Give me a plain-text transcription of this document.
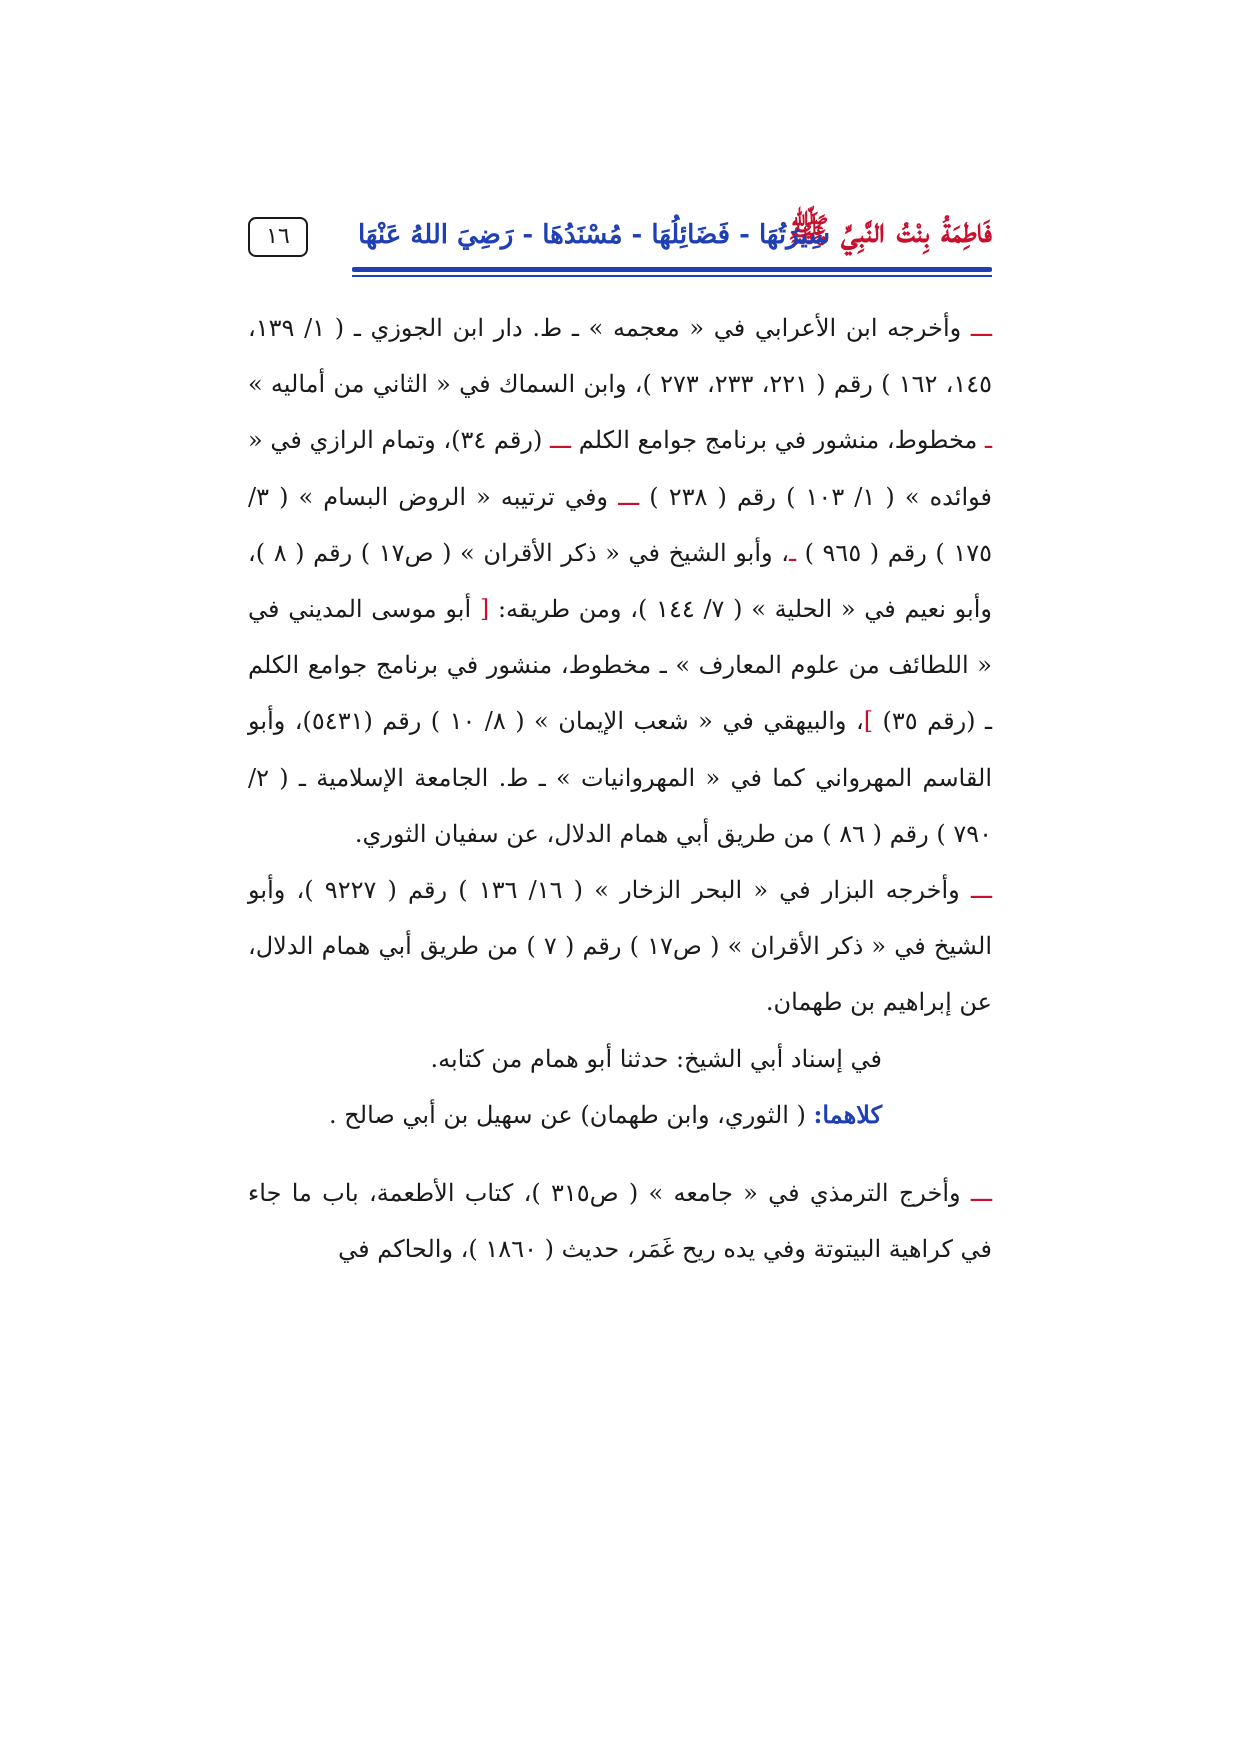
فَاطِمَةُ بِنْتُ النَّبِيِّ ﷺ
سِيرَتُهَا - فَضَائِلُهَا - مُسْنَدُهَا - رَضِيَ اللهُ عَنْهَا
١٦

ـــ وأخرجه ابن الأعرابي في « معجمه » ـ ط. دار ابن الجوزي ـ ( ١/ ١٣٩، ١٤٥، ١٦٢ ) رقم ( ٢٢١، ٢٣٣، ٢٧٣ )، وابن السماك في « الثاني من أماليه » ـ مخطوط، منشور في برنامج جوامع الكلم ـــ (رقم ٣٤)، وتمام الرازي في « فوائده » ( ١/ ١٠٣ ) رقم ( ٢٣٨ ) ـــ وفي ترتيبه « الروض البسام » ( ٣/ ١٧٥ ) رقم ( ٩٦٥ ) ـ، وأبو الشيخ في « ذكر الأقران » ( ص١٧ ) رقم ( ٨ )، وأبو نعيم في « الحلية » ( ٧/ ١٤٤ )، ومن طريقه: [ أبو موسى المديني في « اللطائف من علوم المعارف » ـ مخطوط، منشور في برنامج جوامع الكلم ـ (رقم ٣٥) ]، والبيهقي في « شعب الإيمان » ( ٨/ ١٠ ) رقم (٥٤٣١)، وأبو القاسم المهرواني كما في « المهروانيات » ـ ط. الجامعة الإسلامية ـ ( ٢/ ٧٩٠ ) رقم ( ٨٦ ) من طريق أبي همام الدلال، عن سفيان الثوري.

ـــ وأخرجه البزار في « البحر الزخار » ( ١٦/ ١٣٦ ) رقم ( ٩٢٢٧ )، وأبو الشيخ في « ذكر الأقران » ( ص١٧ ) رقم ( ٧ ) من طريق أبي همام الدلال، عن إبراهيم بن طهمان.

في إسناد أبي الشيخ: حدثنا أبو همام من كتابه.

كلاهما: ( الثوري، وابن طهمان) عن سهيل بن أبي صالح .

ـــ وأخرج الترمذي في « جامعه » ( ص٣١٥ )، كتاب الأطعمة، باب ما جاء في كراهية البيتوتة وفي يده ريح غَمَر، حديث ( ١٨٦٠ )، والحاكم في
